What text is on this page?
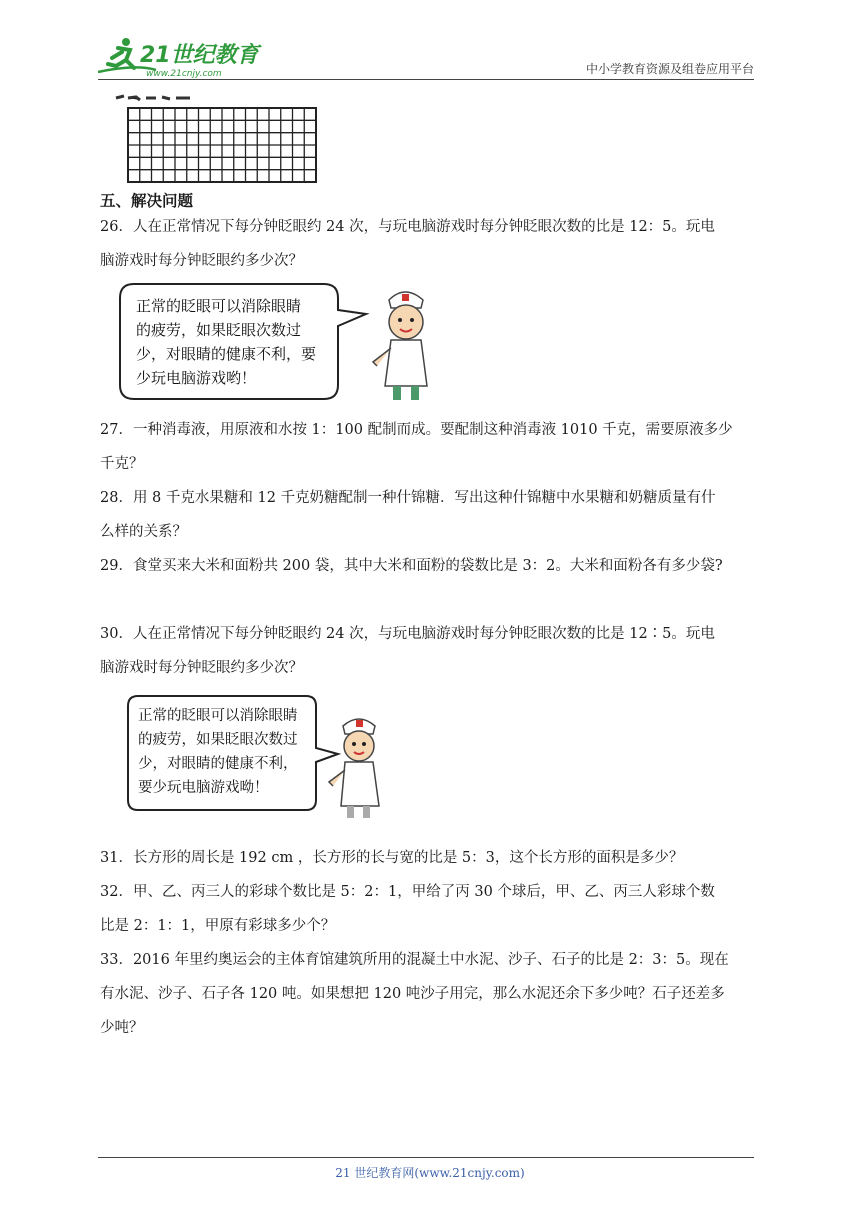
21世纪教育
www.21cnjy.com	中小学教育资源及组卷应用平台
五、解决问题
26．人在正常情况下每分钟眨眼约 24 次，与玩电脑游戏时每分钟眨眼次数的比是 12：5。玩电
脑游戏时每分钟眨眼约多少次？
正常的眨眼可以消除眼睛
的疲劳，如果眨眼次数过
少，对眼睛的健康不利，要
少玩电脑游戏哟！
27．一种消毒液，用原液和水按 1：100 配制而成。要配制这种消毒液 1010 千克，需要原液多少
千克？
28．用 8 千克水果糖和 12 千克奶糖配制一种什锦糖．写出这种什锦糖中水果糖和奶糖质量有什
么样的关系？
29．食堂买来大米和面粉共 200 袋，其中大米和面粉的袋数比是 3：2。大米和面粉各有多少袋?
30．人在正常情况下每分钟眨眼约 24 次，与玩电脑游戏时每分钟眨眼次数的比是 12∶5。玩电
脑游戏时每分钟眨眼约多少次？
正常的眨眼可以消除眼睛
的疲劳，如果眨眼次数过
少，对眼睛的健康不利，
要少玩电脑游戏呦！
31．长方形的周长是 192 cm ，长方形的长与宽的比是 5：3，这个长方形的面积是多少？
32．甲、乙、丙三人的彩球个数比是 5：2：1，甲给了丙 30 个球后，甲、乙、丙三人彩球个数
比是 2：1：1，甲原有彩球多少个？
33．2016 年里约奥运会的主体育馆建筑所用的混凝土中水泥、沙子、石子的比是 2：3：5。现在
有水泥、沙子、石子各 120 吨。如果想把 120 吨沙子用完，那么水泥还余下多少吨？石子还差多
少吨？
21 世纪教育网(www.21cnjy.com)
